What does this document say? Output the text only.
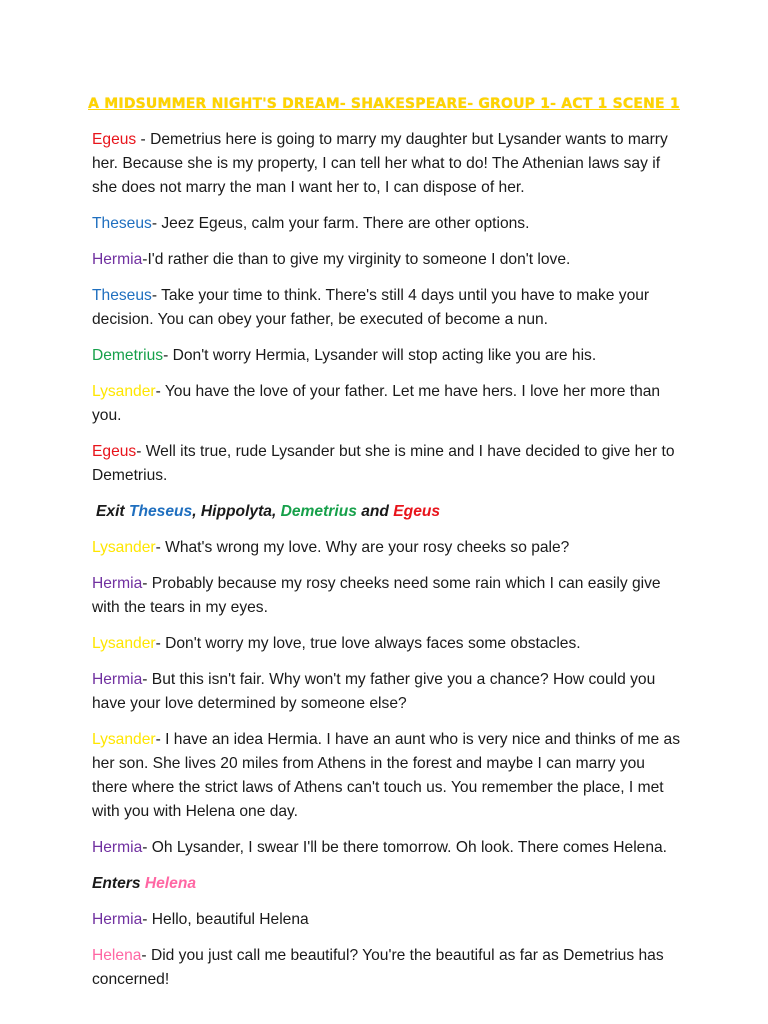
A MIDSUMMER NIGHT'S DREAM- SHAKESPEARE- GROUP 1- ACT 1 SCENE 1

Egeus - Demetrius here is going to marry my daughter but Lysander wants to marry her. Because she is my property, I can tell her what to do! The Athenian laws say if she does not marry the man I want her to, I can dispose of her.

Theseus- Jeez Egeus, calm your farm. There are other options.

Hermia-I'd rather die than to give my virginity to someone I don't love.

Theseus- Take your time to think. There's still 4 days until you have to make your decision. You can obey your father, be executed of become a nun.

Demetrius- Don't worry Hermia, Lysander will stop acting like you are his.

Lysander- You have the love of your father. Let me have hers. I love her more than you.

Egeus- Well its true, rude Lysander but she is mine and I have decided to give her to Demetrius.

Exit Theseus, Hippolyta, Demetrius and Egeus

Lysander- What's wrong my love. Why are your rosy cheeks so pale?

Hermia- Probably because my rosy cheeks need some rain which I can easily give with the tears in my eyes.

Lysander- Don't worry my love, true love always faces some obstacles.

Hermia- But this isn't fair. Why won't my father give you a chance? How could you have your love determined by someone else?

Lysander- I have an idea Hermia. I have an aunt who is very nice and thinks of me as her son. She lives 20 miles from Athens in the forest and maybe I can marry you there where the strict laws of Athens can't touch us. You remember the place, I met with you with Helena one day.

Hermia- Oh Lysander, I swear I'll be there tomorrow. Oh look. There comes Helena.

Enters Helena

Hermia- Hello, beautiful Helena

Helena- Did you just call me beautiful? You're the beautiful as far as Demetrius has concerned!
